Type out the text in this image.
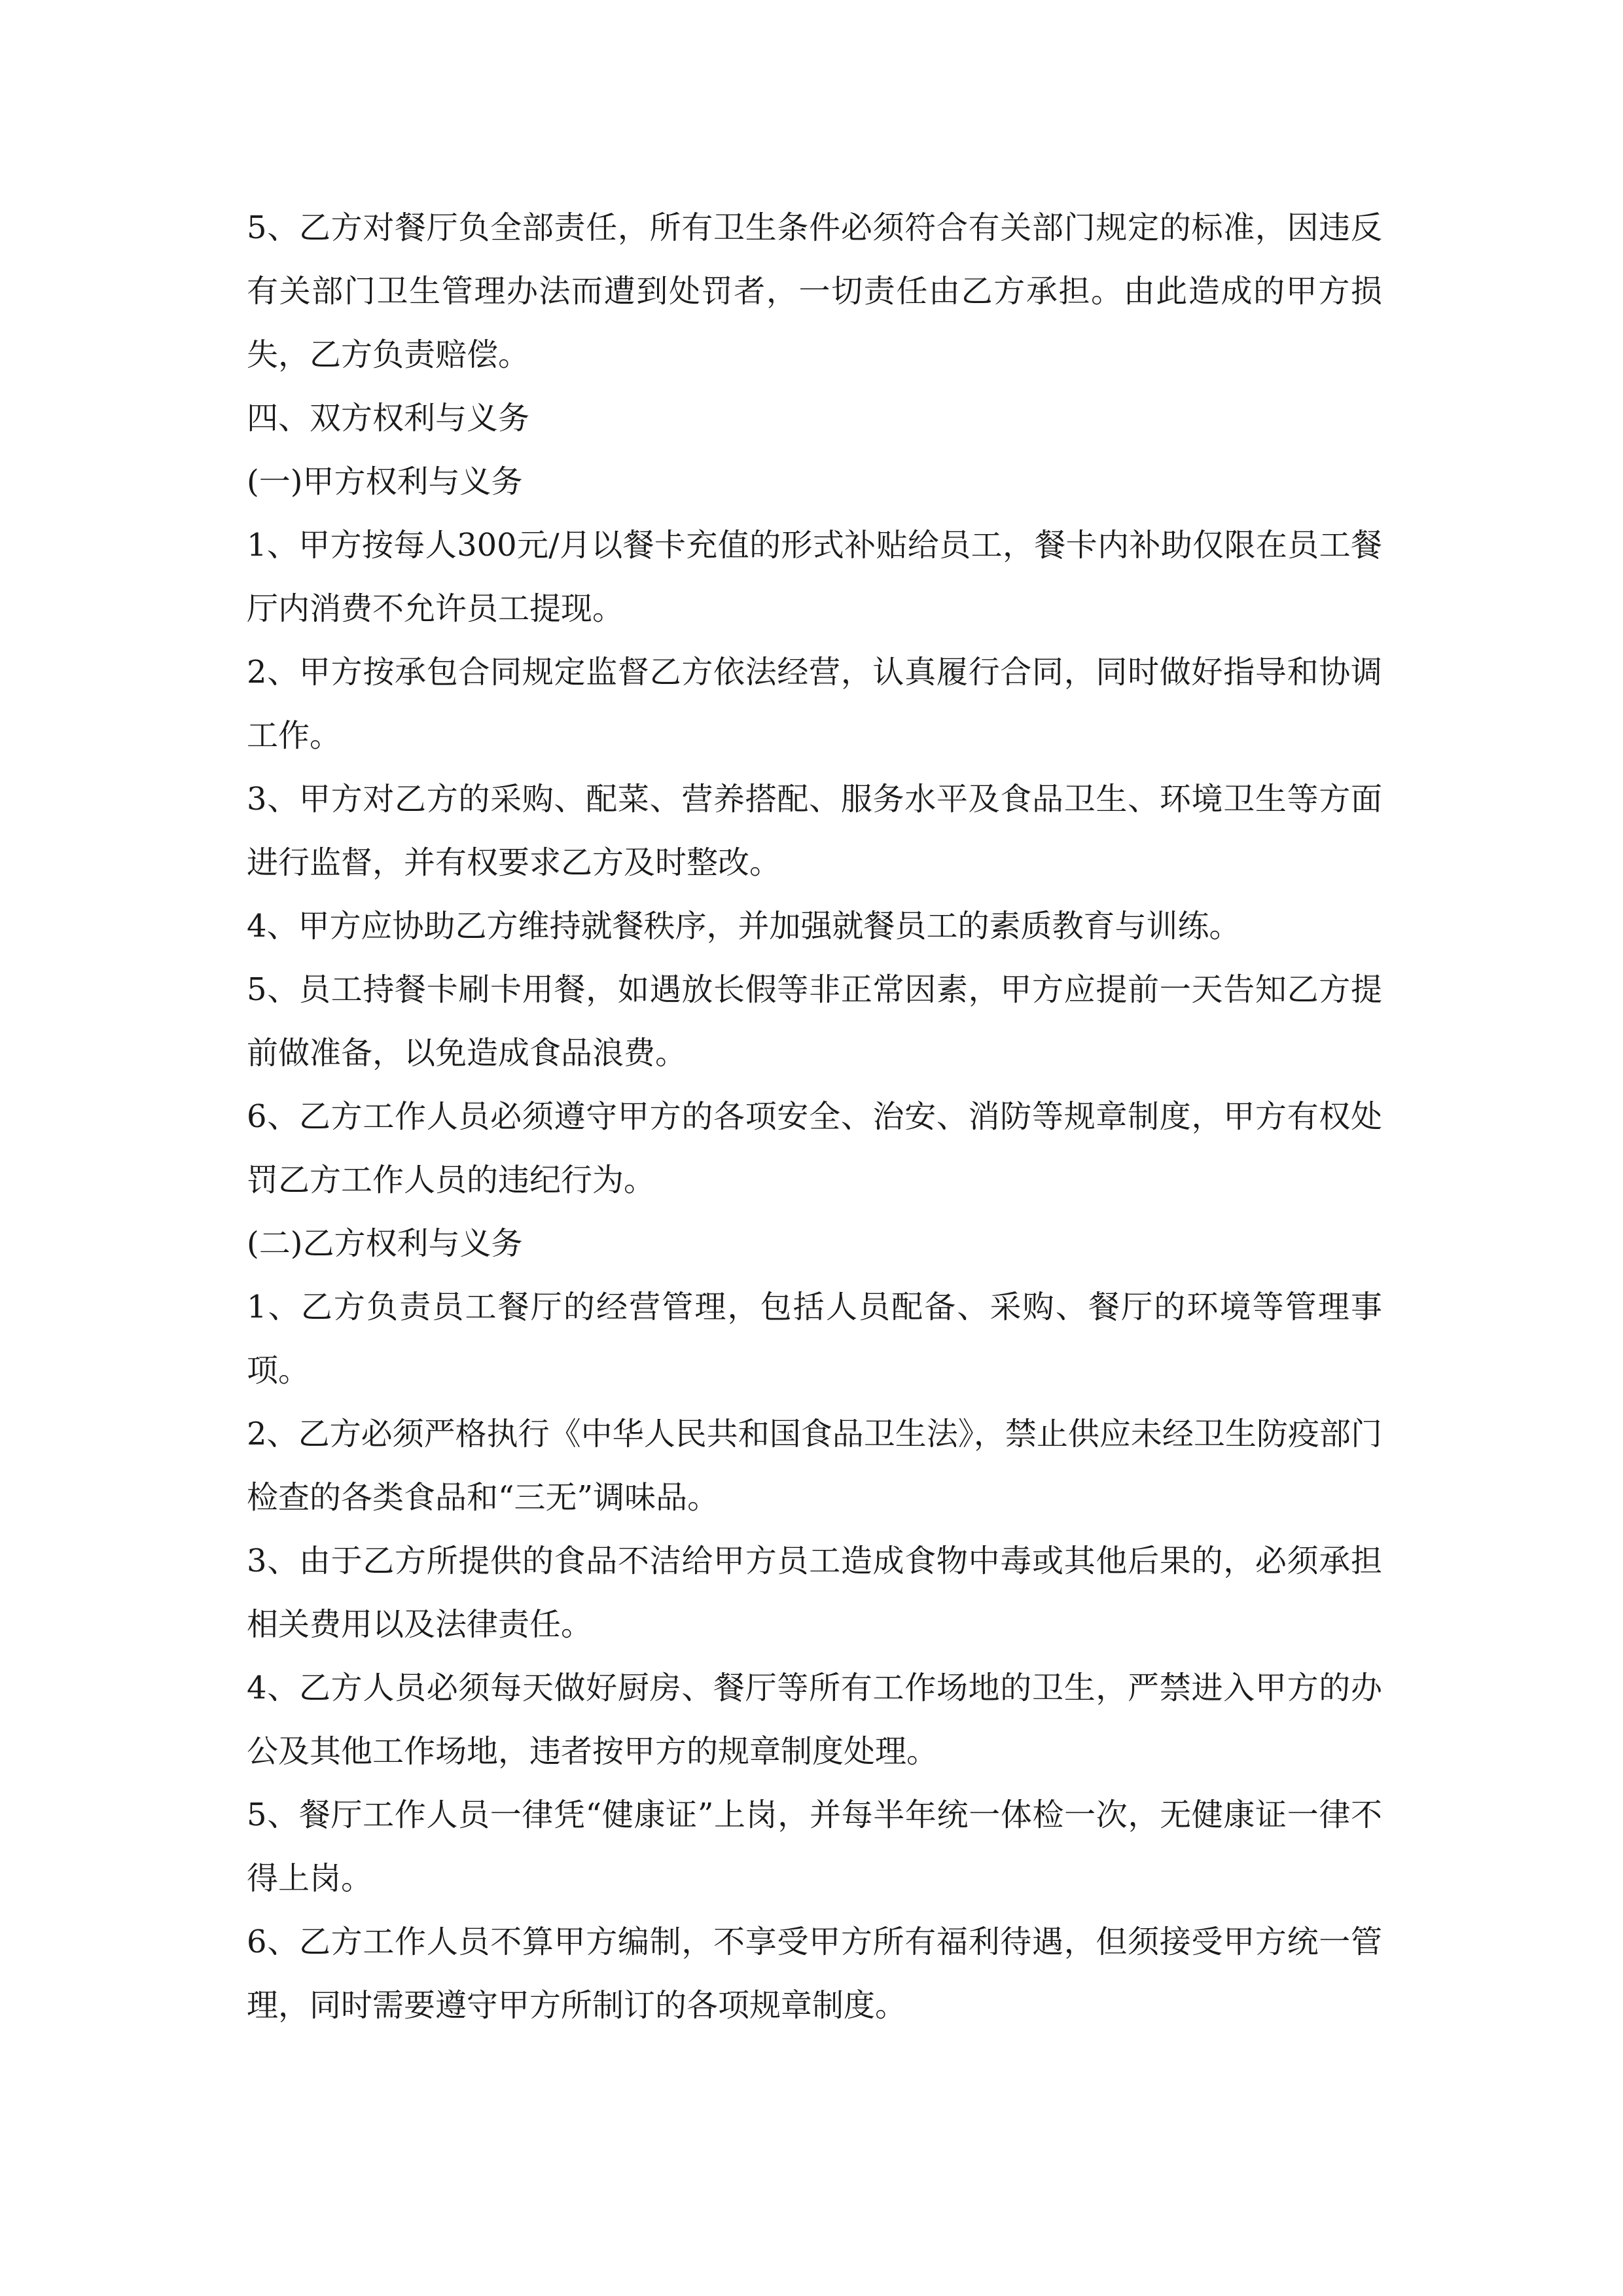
5、乙方对餐厅负全部责任，所有卫生条件必须符合有关部门规定的标准，因违反有关部门卫生管理办法而遭到处罚者，一切责任由乙方承担。由此造成的甲方损失，乙方负责赔偿。

四、双方权利与义务

(一)甲方权利与义务

1、甲方按每人300元/月以餐卡充值的形式补贴给员工，餐卡内补助仅限在员工餐厅内消费不允许员工提现。

2、甲方按承包合同规定监督乙方依法经营，认真履行合同，同时做好指导和协调工作。

3、甲方对乙方的采购、配菜、营养搭配、服务水平及食品卫生、环境卫生等方面进行监督，并有权要求乙方及时整改。

4、甲方应协助乙方维持就餐秩序，并加强就餐员工的素质教育与训练。

5、员工持餐卡刷卡用餐，如遇放长假等非正常因素，甲方应提前一天告知乙方提前做准备，以免造成食品浪费。

6、乙方工作人员必须遵守甲方的各项安全、治安、消防等规章制度，甲方有权处罚乙方工作人员的违纪行为。

(二)乙方权利与义务

1、乙方负责员工餐厅的经营管理，包括人员配备、采购、餐厅的环境等管理事项。

2、乙方必须严格执行《中华人民共和国食品卫生法》，禁止供应未经卫生防疫部门检查的各类食品和“三无”调味品。

3、由于乙方所提供的食品不洁给甲方员工造成食物中毒或其他后果的，必须承担相关费用以及法律责任。

4、乙方人员必须每天做好厨房、餐厅等所有工作场地的卫生，严禁进入甲方的办公及其他工作场地，违者按甲方的规章制度处理。

5、餐厅工作人员一律凭“健康证”上岗，并每半年统一体检一次，无健康证一律不得上岗。

6、乙方工作人员不算甲方编制，不享受甲方所有福利待遇，但须接受甲方统一管理，同时需要遵守甲方所制订的各项规章制度。
